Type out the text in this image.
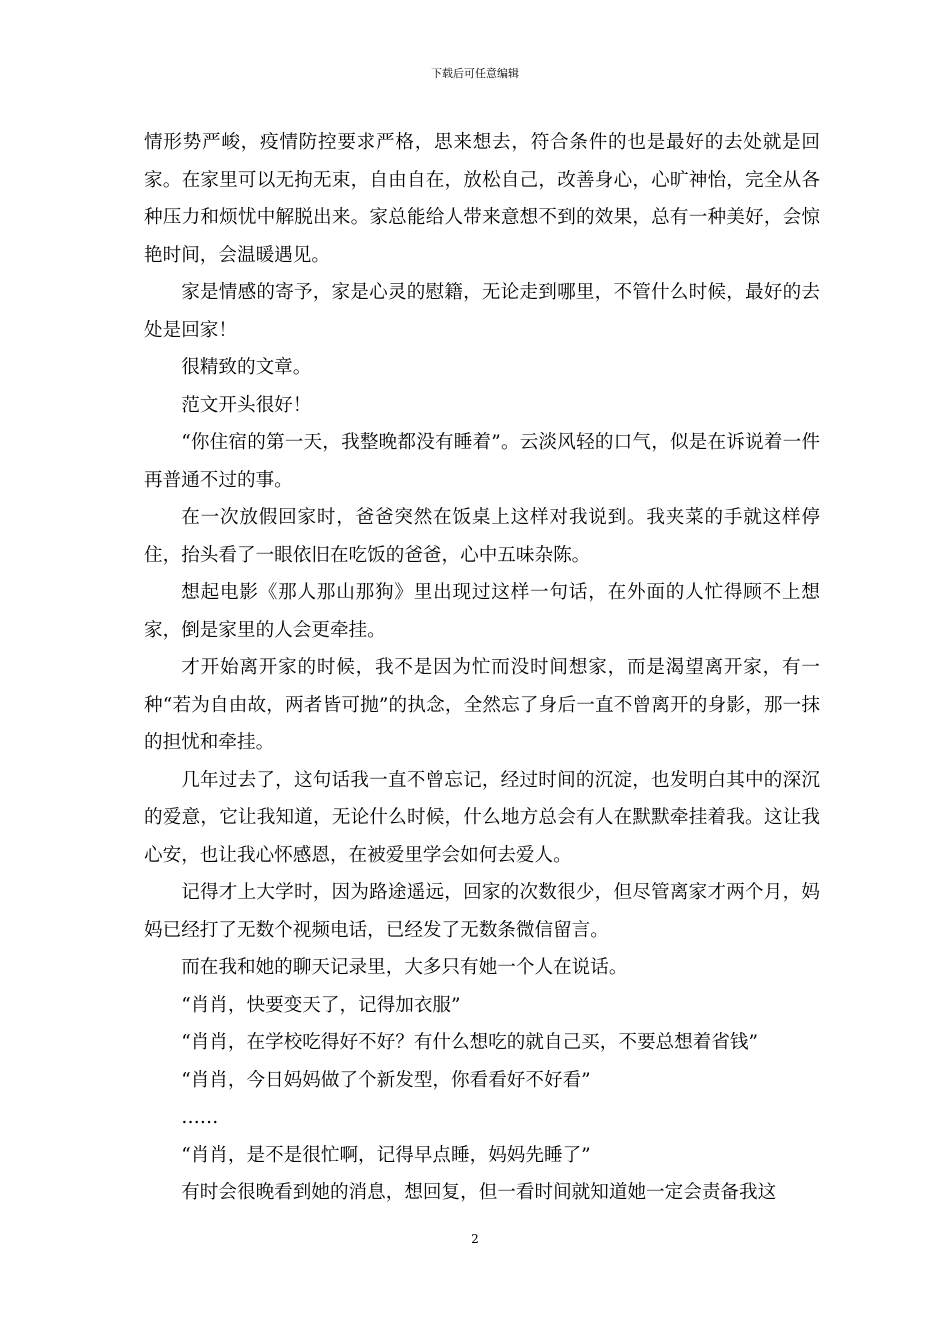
下载后可任意编辑

情形势严峻，疫情防控要求严格，思来想去，符合条件的也是最好的去处就是回家。在家里可以无拘无束，自由自在，放松自己，改善身心，心旷神怡，完全从各种压力和烦忧中解脱出来。家总能给人带来意想不到的效果，总有一种美好，会惊艳时间，会温暖遇见。

家是情感的寄予，家是心灵的慰籍，无论走到哪里，不管什么时候，最好的去处是回家！

很精致的文章。

范文开头很好！

“你住宿的第一天，我整晚都没有睡着”。云淡风轻的口气，似是在诉说着一件再普通不过的事。

在一次放假回家时，爸爸突然在饭桌上这样对我说到。我夹菜的手就这样停住，抬头看了一眼依旧在吃饭的爸爸，心中五味杂陈。

想起电影《那人那山那狗》里出现过这样一句话，在外面的人忙得顾不上想家，倒是家里的人会更牵挂。

才开始离开家的时候，我不是因为忙而没时间想家，而是渴望离开家，有一种“若为自由故，两者皆可抛”的执念，全然忘了身后一直不曾离开的身影，那一抹的担忧和牵挂。

几年过去了，这句话我一直不曾忘记，经过时间的沉淀，也发明白其中的深沉的爱意，它让我知道，无论什么时候，什么地方总会有人在默默牵挂着我。这让我心安，也让我心怀感恩，在被爱里学会如何去爱人。

记得才上大学时，因为路途遥远，回家的次数很少，但尽管离家才两个月，妈妈已经打了无数个视频电话，已经发了无数条微信留言。

而在我和她的聊天记录里，大多只有她一个人在说话。

“肖肖，快要变天了，记得加衣服”

“肖肖，在学校吃得好不好？有什么想吃的就自己买，不要总想着省钱”

“肖肖，今日妈妈做了个新发型，你看看好不好看”

……

“肖肖，是不是很忙啊，记得早点睡，妈妈先睡了”

有时会很晚看到她的消息，想回复，但一看时间就知道她一定会责备我这

2
